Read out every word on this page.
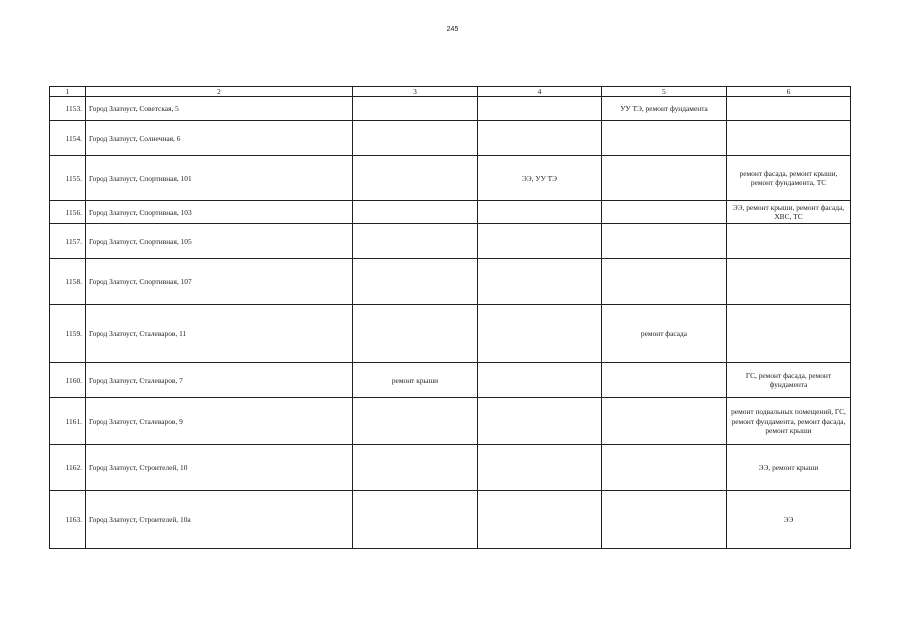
245
1	2	3	4	5	6
1153.	Город Златоуст, Советская, 5			УУ ТЭ, ремонт фундамента	
1154.	Город Златоуст, Солнечная, 6				
1155.	Город Златоуст, Спортивная, 101		ЭЭ, УУ ТЭ		ремонт фасада, ремонт крыши, ремонт фундамента, ТС
1156.	Город Златоуст, Спортивная, 103				ЭЭ, ремонт крыши, ремонт фасада, ХВС, ТС
1157.	Город Златоуст, Спортивная, 105				
1158.	Город Златоуст, Спортивная, 107				
1159.	Город Златоуст, Сталеваров, 11			ремонт фасада	
1160.	Город Златоуст, Сталеваров, 7	ремонт крыши			ГС, ремонт фасада, ремонт фундамента
1161.	Город Златоуст, Сталеваров, 9				ремонт подвальных помещений, ГС, ремонт фундамента, ремонт фасада, ремонт крыши
1162.	Город Златоуст, Строителей, 10				ЭЭ, ремонт крыши
1163.	Город Златоуст, Строителей, 10а				ЭЭ
